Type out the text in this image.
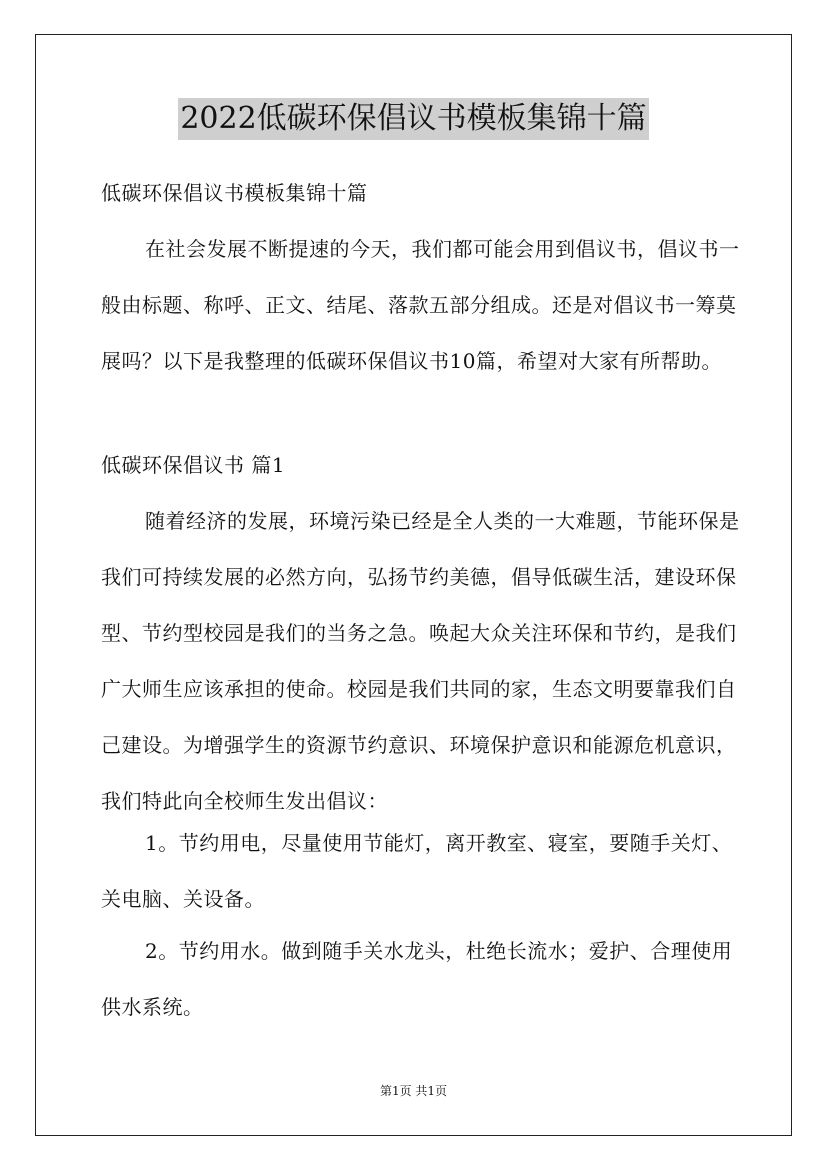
2022低碳环保倡议书模板集锦十篇

低碳环保倡议书模板集锦十篇

在社会发展不断提速的今天，我们都可能会用到倡议书，倡议书一般由标题、称呼、正文、结尾、落款五部分组成。还是对倡议书一筹莫展吗？以下是我整理的低碳环保倡议书10篇，希望对大家有所帮助。

低碳环保倡议书 篇1

随着经济的发展，环境污染已经是全人类的一大难题，节能环保是我们可持续发展的必然方向，弘扬节约美德，倡导低碳生活，建设环保型、节约型校园是我们的当务之急。唤起大众关注环保和节约，是我们广大师生应该承担的使命。校园是我们共同的家，生态文明要靠我们自己建设。为增强学生的资源节约意识、环境保护意识和能源危机意识，我们特此向全校师生发出倡议：

1。节约用电，尽量使用节能灯，离开教室、寝室，要随手关灯、关电脑、关设备。

2。节约用水。做到随手关水龙头，杜绝长流水；爱护、合理使用供水系统。

第1页 共1页
